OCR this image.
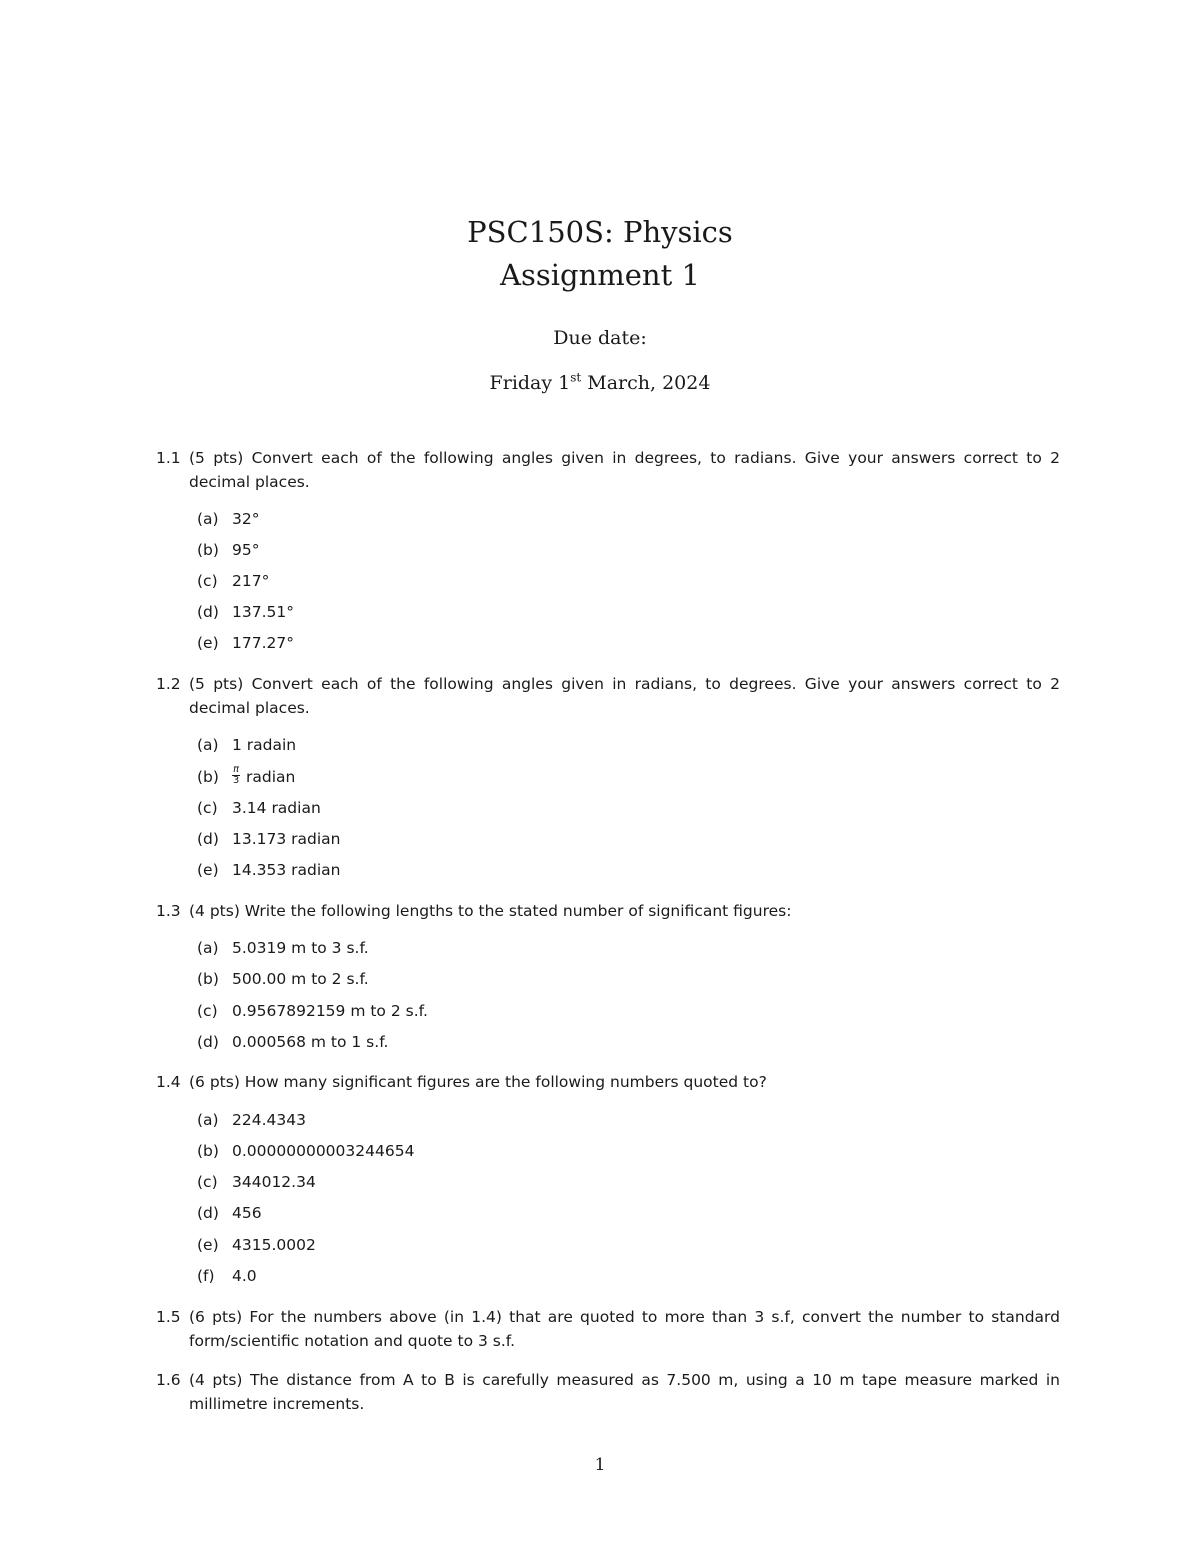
PSC150S: Physics
Assignment 1
Due date:
Friday 1st March, 2024
1.1 (5 pts) Convert each of the following angles given in degrees, to radians. Give your answers correct to 2 decimal places.
(a) 32°
(b) 95°
(c) 217°
(d) 137.51°
(e) 177.27°
1.2 (5 pts) Convert each of the following angles given in radians, to degrees. Give your answers correct to 2 decimal places.
(a) 1 radain
$(b) \frac{\pi}{3}$ radian
(c) 3.14 radian
(d) 13.173 radian
(e) 14.353 radian
1.3 (4 pts) Write the following lengths to the stated number of significant figures:
(a) 5.0319 m to 3 s.f.
(b) 500.00 m to 2 s.f.
(c) 0.9567892159 m to 2 s.f.
(d) 0.000568 m to 1 s.f.
1.4 (6 pts) How many significant figures are the following numbers quoted to?
(a) 224.4343
(b) 0.00000000003244654
(c) 344012.34
(d) 456
(e) 4315.0002
(f) 4.0
1.5 (6 pts) For the numbers above (in 1.4) that are quoted to more than 3 s.f, convert the number to standard form/scientific notation and quote to 3 s.f.
1.6 (4 pts) The distance from A to B is carefully measured as 7.500 m, using a 10 m tape measure marked in millimetre increments.
1
